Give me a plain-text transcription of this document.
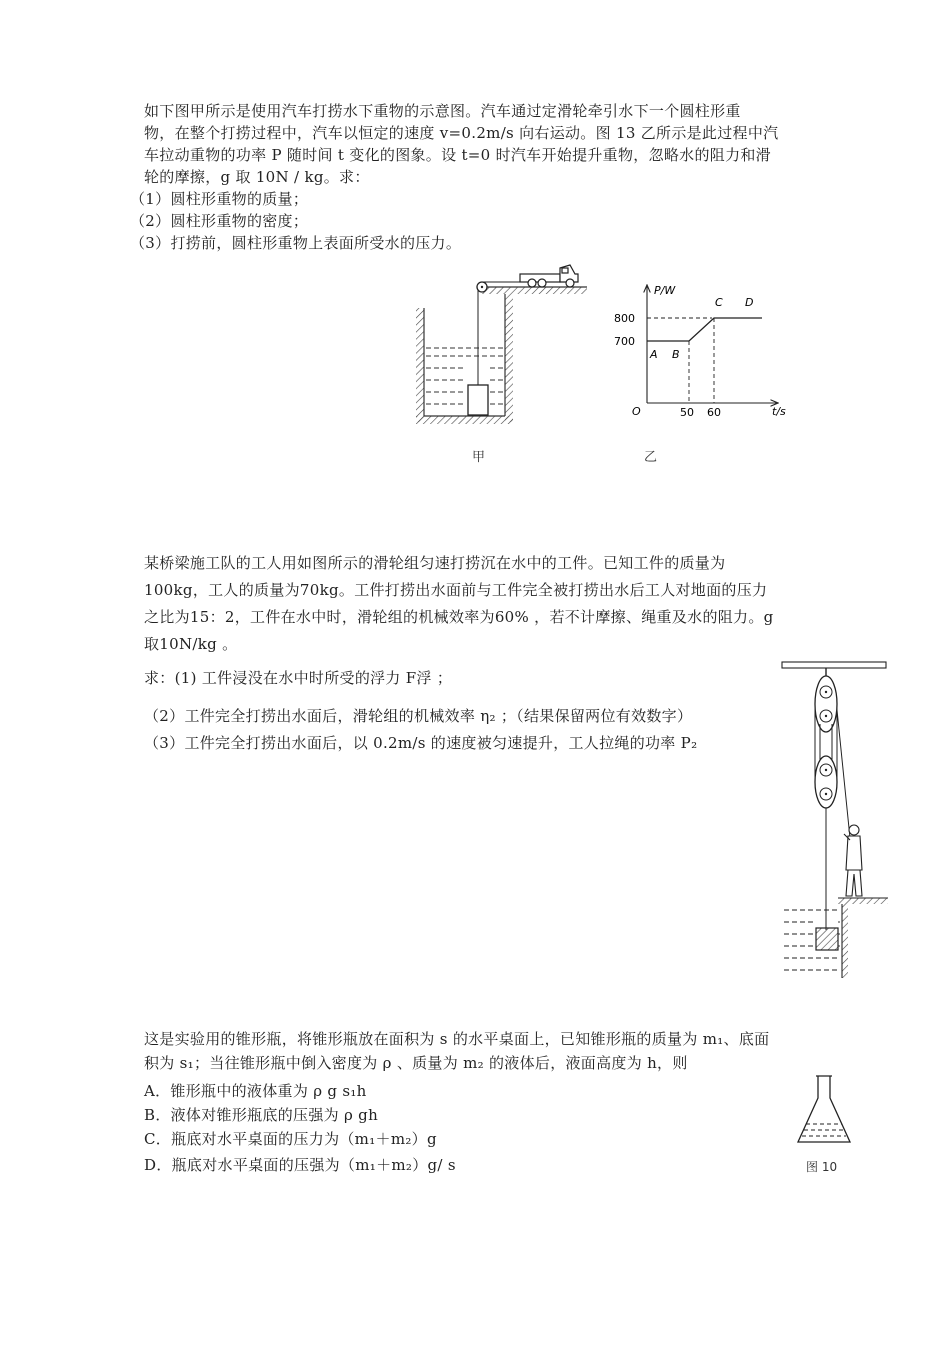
如下图甲所示是使用汽车打捞水下重物的示意图。汽车通过定滑轮牵引水下一个圆柱形重
物，在整个打捞过程中，汽车以恒定的速度 v=0.2m/s 向右运动。图 13 乙所示是此过程中汽
车拉动重物的功率 P 随时间 t 变化的图象。设 t=0 时汽车开始提升重物，忽略水的阻力和滑
轮的摩擦，g 取 10N / kg。求：
（1）圆柱形重物的质量；
（2）圆柱形重物的密度；
（3）打捞前，圆柱形重物上表面所受水的压力。
甲
P/W
t/s
O
800
700
50 60
A B
C D
乙
某桥梁施工队的工人用如图所示的滑轮组匀速打捞沉在水中的工件。已知工件的质量为
100kg，工人的质量为70kg。工件打捞出水面前与工件完全被打捞出水后工人对地面的压力
之比为15：2，工件在水中时，滑轮组的机械效率为60% ，若不计摩擦、绳重及水的阻力。g
取10N/kg 。
求：(1) 工件浸没在水中时所受的浮力 F浮 ；
（2）工件完全打捞出水面后，滑轮组的机械效率 η₂ ；（结果保留两位有效数字）
（3）工件完全打捞出水面后，以 0.2m/s 的速度被匀速提升，工人拉绳的功率 P₂
这是实验用的锥形瓶，将锥形瓶放在面积为 s 的水平桌面上，已知锥形瓶的质量为 m₁、底面
积为 s₁；当往锥形瓶中倒入密度为 ρ 、质量为 m₂ 的液体后，液面高度为 h，则
A．锥形瓶中的液体重为 ρ g s₁h
B．液体对锥形瓶底的压强为 ρ gh
C．瓶底对水平桌面的压力为（m₁＋m₂）g
D．瓶底对水平桌面的压强为（m₁＋m₂）g/ s	图 10
